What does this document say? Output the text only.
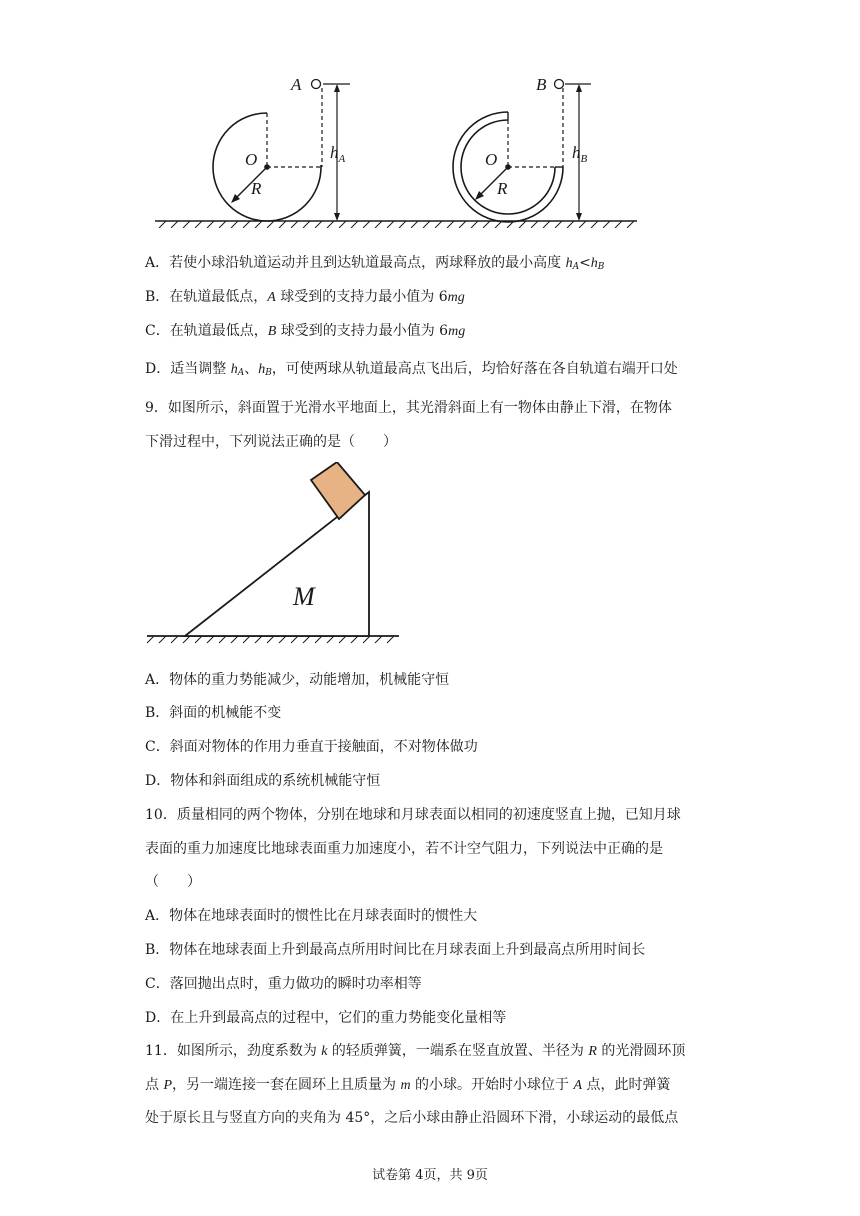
A
O
R
$h_A$
B
O
R
$h_B$
A．若使小球沿轨道运动并且到达轨道最高点，两球释放的最小高度 $h_A<h_B$
B．在轨道最低点，A 球受到的支持力最小值为 6mg
C．在轨道最低点，B 球受到的支持力最小值为 6mg
D．适当调整 $h_A$、$h_B$，可使两球从轨道最高点飞出后，均恰好落在各自轨道右端开口处
9．如图所示，斜面置于光滑水平地面上，其光滑斜面上有一物体由静止下滑，在物体
下滑过程中，下列说法正确的是（　　）
M
A．物体的重力势能减少，动能增加，机械能守恒
B．斜面的机械能不变
C．斜面对物体的作用力垂直于接触面，不对物体做功
D．物体和斜面组成的系统机械能守恒
10．质量相同的两个物体，分别在地球和月球表面以相同的初速度竖直上抛，已知月球
表面的重力加速度比地球表面重力加速度小，若不计空气阻力，下列说法中正确的是
（　　）
A．物体在地球表面时的惯性比在月球表面时的惯性大
B．物体在地球表面上升到最高点所用时间比在月球表面上升到最高点所用时间长
C．落回抛出点时，重力做功的瞬时功率相等
D．在上升到最高点的过程中，它们的重力势能变化量相等
11．如图所示，劲度系数为 k 的轻质弹簧，一端系在竖直放置、半径为 R 的光滑圆环顶
点 P，另一端连接一套在圆环上且质量为 m 的小球。开始时小球位于 A 点，此时弹簧
处于原长且与竖直方向的夹角为 45°，之后小球由静止沿圆环下滑，小球运动的最低点
试卷第 4页，共 9页
